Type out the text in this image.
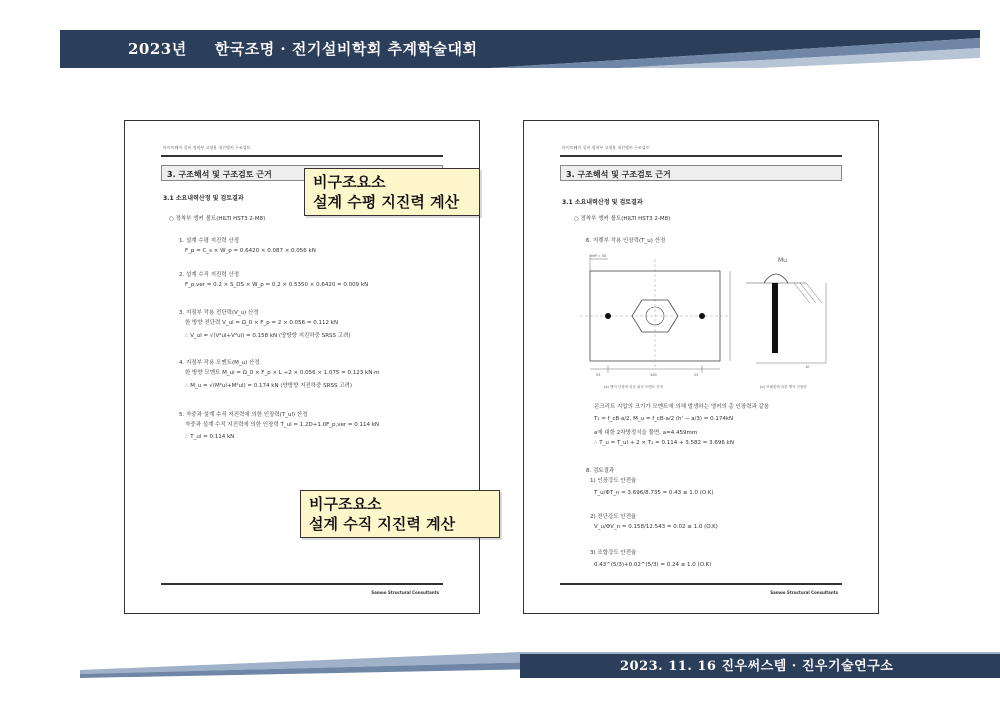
2023년 한국조명 · 전기설비학회 추계학술대회
라이트웨이 설비 정착부 고정용 내진앵커 구조검토
3. 구조해석 및 구조검토 근거
3.1 소요내력산정 및 검토결과
○ 정착부 앵커 볼트(HILTI HST3 2-M8)
1. 설계 수평 지진력 산정
F_p = C_s × W_p = 0.6420 × 0.087 × 0.056 kN
2. 설계 수직 지진력 산정
F_p,ver = 0.2 × S_DS × W_p = 0.2 × 0.5350 × 0.6420 = 0.009 kN
3. 지점부 작용 전단력(V_u) 산정
한 방향 전단력 V_ul = Ω_0 × F_p = 2 × 0.056 = 0.112 kN
∴ V_ul = √(V²ul+V²ul) = 0.158 kN (양방향 지진하중 SRSS 고려)
4. 지점부 작용 모멘트(M_u) 산정
한 방향 모멘트 M_ul = Ω_0 × F_p × L ÷2 × 0.056 × 1.075 = 0.123 kN·m
∴ M_u = √(M²ul+M²ul) = 0.174 kN (양방향 지진하중 SRSS 고려)
5. 자중과 설계 수직 지진력에 의한 인장력(T_ul) 산정
자중과 설계 수직 지진력에 의한 인장력 T_ul = 1.2D+1.0F_p,ver = 0.114 kN
∴ T_ul = 0.114 kN
Samoo Structural Consultants
라이트웨이 설비 정착부 고정용 내진앵커 구조검토
3. 구조해석 및 구조검토 근거
3.1 소요내력산정 및 검토결과
○ 정착부 앵커 볼트(HILTI HST3 2-M8)
6. 지렛부 작용 인장력(T_u) 산정
heff = 50
25	100	25
Mu
N'
(a) 앵커 인장에 의한 회전 모멘트 산정	(b) 브래킷에 의한 앵커 인장력
콘크리트 지압의 크기가 모멘트에 의해 발생하는 앵커의 총 인장력과 같음
T₁ = f_cB·a/2, M_u = f_cB·a/2 (h' − a/3) = 0.174kN
a에 대한 2차방정식을 풀면, a=4.459mm
∴ T_u = T_ul + 2 × T₁ = 0.114 + 3.582 = 3.696 kN
8. 검토결과
1) 인장강도 안전율
T_u/ΦT_n = 3.696/8.735 = 0.43 ≤ 1.0 (O.K)
2) 전단강도 안전율
V_u/ΦV_n = 0.158/12.543 = 0.02 ≤ 1.0 (O.K)
3) 조합강도 안전율
0.43^(5/3)+0.02^(5/3) = 0.24 ≤ 1.0 (O.K)
Samoo Structural Consultants
비구조요소
설계 수평 지진력 계산
비구조요소
설계 수직 지진력 계산
2023. 11. 16 진우써스템 · 진우기술연구소
